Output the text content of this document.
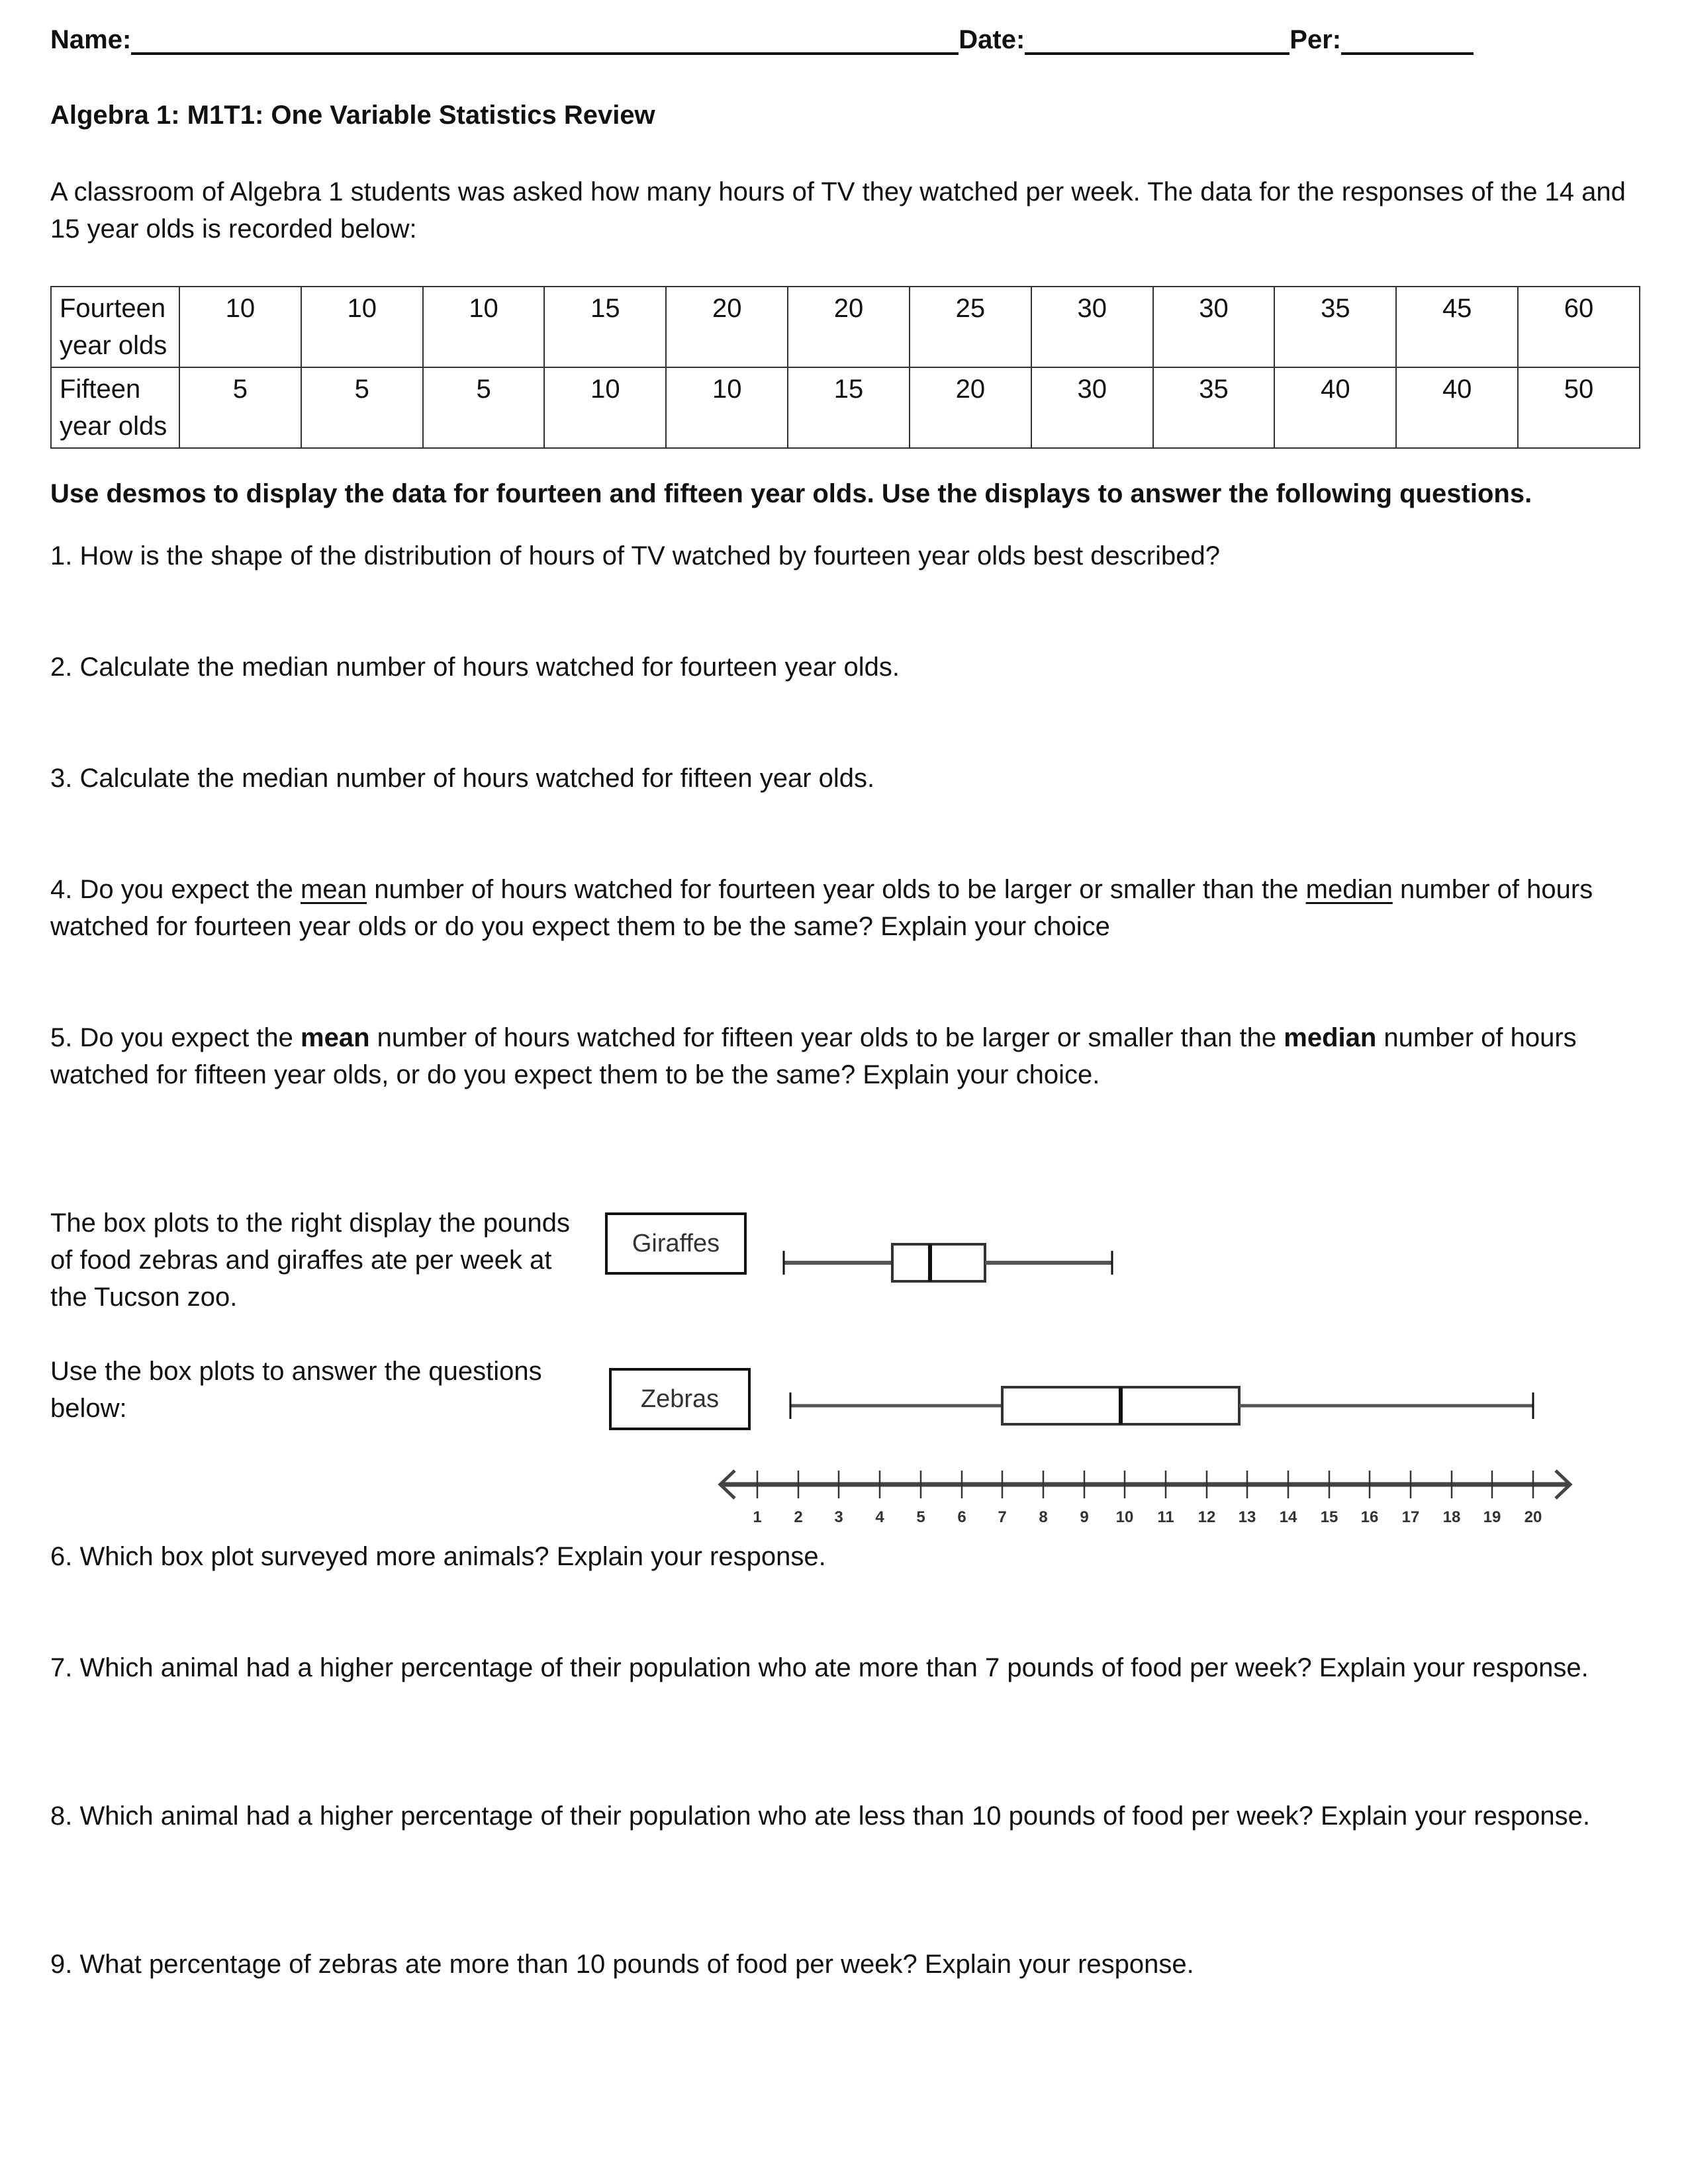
Name:	Date:	Per:
Algebra 1: M1T1: One Variable Statistics Review
A classroom of Algebra 1 students was asked how many hours of TV they watched per week. The data for the responses of the 14 and 15 year olds is recorded below:
Fourteen year olds	10	10	10	15	20	20	25	30	30	35	45	60
Fifteen year olds	5	5	5	10	10	15	20	30	35	40	40	50
Use desmos to display the data for fourteen and fifteen year olds. Use the displays to answer the following questions.
1. How is the shape of the distribution of hours of TV watched by fourteen year olds best described?
2. Calculate the median number of hours watched for fourteen year olds.
3. Calculate the median number of hours watched for fifteen year olds.
4. Do you expect the mean number of hours watched for fourteen year olds to be larger or smaller than the median number of hours watched for fourteen year olds or do you expect them to be the same? Explain your choice
5. Do you expect the mean number of hours watched for fifteen year olds to be larger or smaller than the median number of hours watched for fifteen year olds, or do you expect them to be the same? Explain your choice.
The box plots to the right display the pounds of food zebras and giraffes ate per week at the Tucson zoo.
Use the box plots to answer the questions below:
Giraffes
Zebras
1 2 3 4 5 6 7 8 9 10 11 12 13 14 15 16 17 18 19 20
6. Which box plot surveyed more animals? Explain your response.
7. Which animal had a higher percentage of their population who ate more than 7 pounds of food per week? Explain your response.
8. Which animal had a higher percentage of their population who ate less than 10 pounds of food per week? Explain your response.
9. What percentage of zebras ate more than 10 pounds of food per week? Explain your response.
